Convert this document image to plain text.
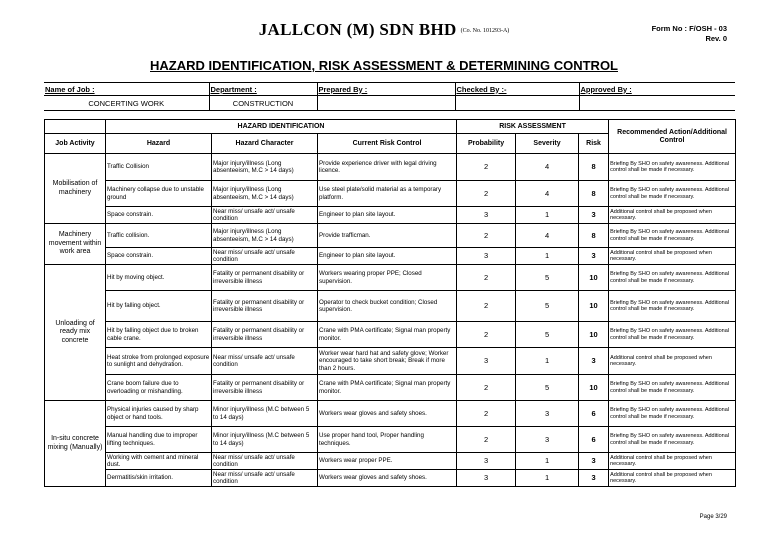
JALLCON (M) SDN BHD (Co. No. 101293-A)	Form No : F/OSH - 03
Rev. 0
HAZARD IDENTIFICATION, RISK ASSESSMENT & DETERMINING CONTROL
Name of Job :	Department :	Prepared By :	Checked By :-	Approved By :
CONCERTING WORK	CONSTRUCTION			
	HAZARD IDENTIFICATION			RISK ASSESSMENT			Recommended Action/Additional Control
Job Activity	Hazard	Hazard Character	Current Risk Control	Probability	Severity	Risk	
Mobilisation of machinery	Traffic Collision	Major injury/illness (Long absenteeism, M.C > 14 days)	Provide experience driver with legal driving licence.	2	4	8	Briefing By SHO on safety awareness. Additional control shall be made if necessary.
	Machinery collapse due to unstable ground	Major injury/illness (Long absenteeism, M.C > 14 days)	Use steel plate/solid material as a temporary platform.	2	4	8	Briefing By SHO on safety awareness. Additional control shall be made if necessary.
	Space constrain.	Near miss/ unsafe act/ unsafe condition	Engineer to plan site layout.	3	1	3	Additional control shall be proposed when necessary.
Machinery movement within work area	Traffic collision.	Major injury/illness (Long absenteeism, M.C > 14 days)	Provide trafficman.	2	4	8	Briefing By SHO on safety awareness. Additional control shall be made if necessary.
	Space constrain.	Near miss/ unsafe act/ unsafe condition	Engineer to plan site layout.	3	1	3	Additional control shall be proposed when necessary.
Unloading of ready mix concrete	Hit by moving object.	Fatality or permanent disability or irreversible illness	Workers wearing proper PPE; Closed supervision.	2	5	10	Briefing By SHO on safety awareness. Additional control shall be made if necessary.
	Hit by falling object.	Fatality or permanent disability or irreversible illness	Operator to check bucket condition; Closed supervision.	2	5	10	Briefing By SHO on safety awareness. Additional control shall be made if necessary.
	Hit by falling object due to broken cable crane.	Fatality or permanent disability or irreversible illness	Crane with PMA certificate; Signal man property monitor.	2	5	10	Briefing By SHO on safety awareness. Additional control shall be made if necessary.
	Heat stroke from prolonged exposure to sunlight and dehydration.	Near miss/ unsafe act/ unsafe condition	Worker wear hard hat and safety glove; Worker encouraged to take short break; Break if more than 2 hours.	3	1	3	Additional control shall be proposed when necessary.
	Crane boom failure due to overloading or mishandling.	Fatality or permanent disability or irreversible illness	Crane with PMA certificate; Signal man property monitor.	2	5	10	Briefing By SHO on safety awareness. Additional control shall be made if necessary.
In-situ concrete mixing (Manually)	Physical injuries caused by sharp object or hand tools.	Minor injury/illness (M.C between 5 to 14 days)	Workers wear gloves and safety shoes.	2	3	6	Briefing By SHO on safety awareness. Additional control shall be made if necessary.
	Manual handling due to improper lifting techniques.	Minor injury/illness (M.C between 5 to 14 days)	Use proper hand tool, Proper handling techniques.	2	3	6	Briefing By SHO on safety awareness. Additional control shall be made if necessary.
	Working with cement and mineral dust.	Near miss/ unsafe act/ unsafe condition	Workers wear proper PPE.	3	1	3	Additional control shall be proposed when necessary.
	Dermatitis/skin irritation.	Near miss/ unsafe act/ unsafe condition	Workers wear gloves and safety shoes.	3	1	3	Additional control shall be proposed when necessary.
Page 3/29
